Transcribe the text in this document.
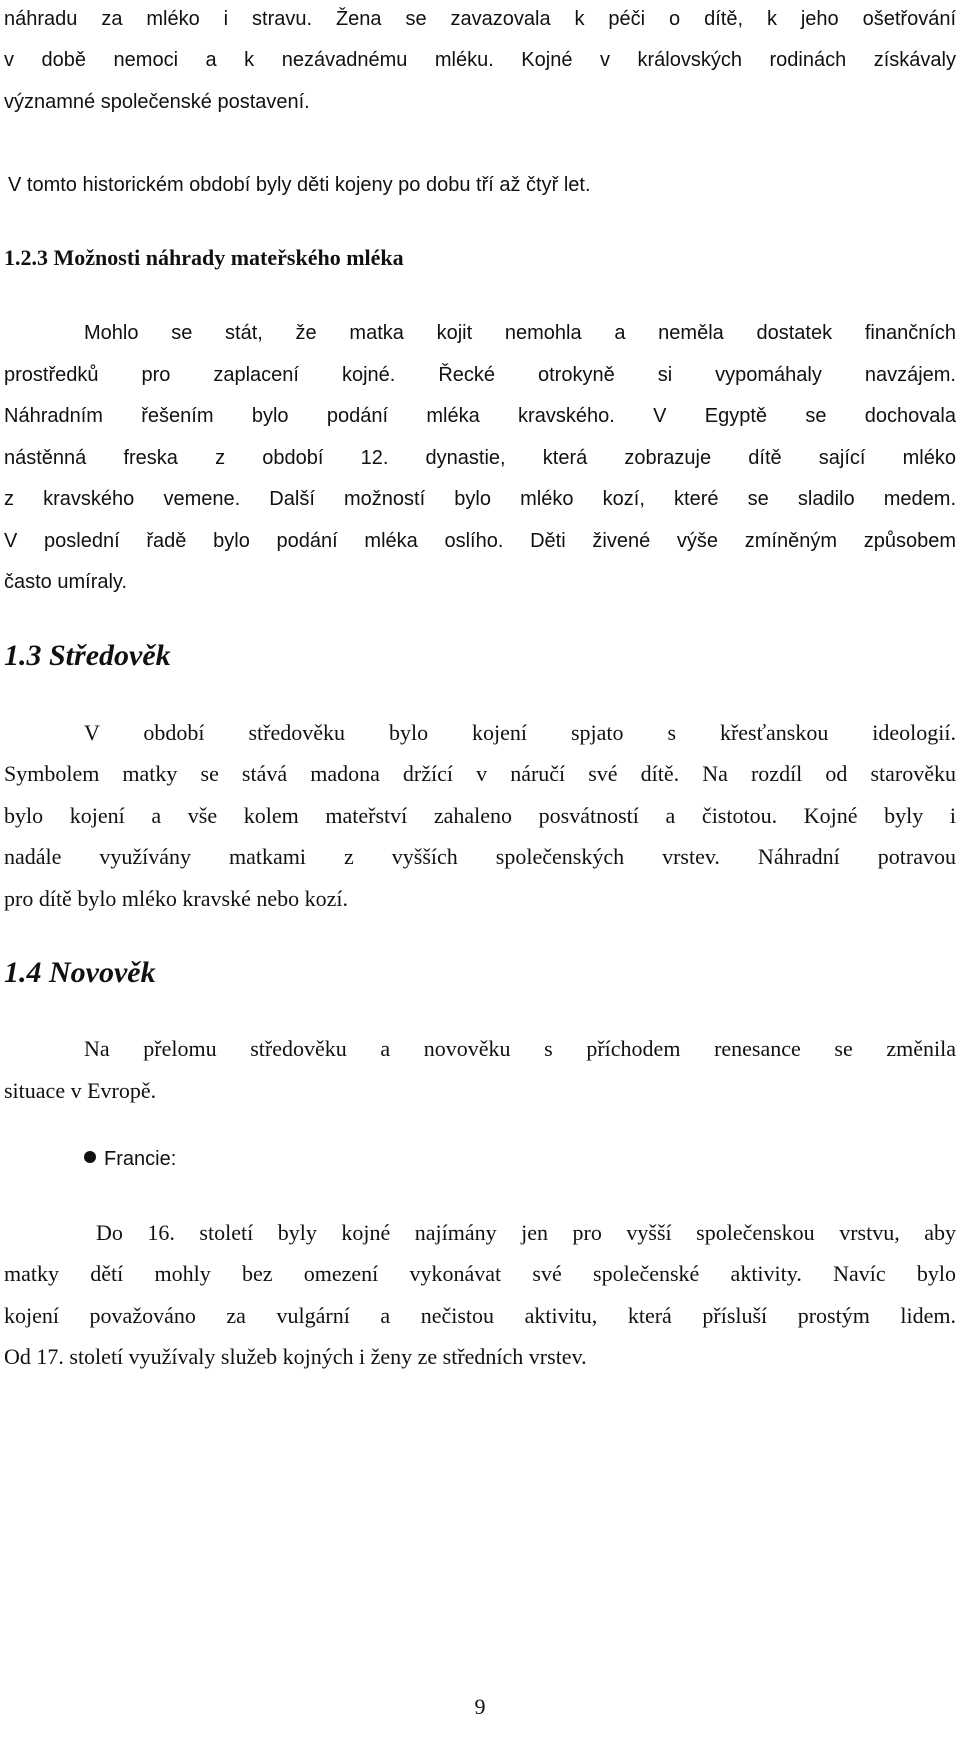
náhradu za mléko i stravu. Žena se zavazovala k péči o dítě, k jeho ošetřování
v době nemoci a k nezávadnému mléku. Kojné v královských rodinách získávaly
významné společenské postavení.
V tomto historickém období byly děti kojeny po dobu tří až čtyř let.
1.2.3 Možnosti náhrady mateřského mléka
Mohlo se stát, že matka kojit nemohla a neměla dostatek finančních
prostředků pro zaplacení kojné. Řecké otrokyně si vypomáhaly navzájem.
Náhradním řešením bylo podání mléka kravského. V Egyptě se dochovala
nástěnná freska z období 12. dynastie, která zobrazuje dítě sající mléko
z kravského vemene. Další možností bylo mléko kozí, které se sladilo medem.
V poslední řadě bylo podání mléka oslího. Děti živené výše zmíněným způsobem
často umíraly.
1.3 Středověk
V období středověku bylo kojení spjato s křesťanskou ideologií.
Symbolem matky se stává madona držící v náručí své dítě. Na rozdíl od starověku
bylo kojení a vše kolem mateřství zahaleno posvátností a čistotou. Kojné byly i
nadále využívány matkami z vyšších společenských vrstev. Náhradní potravou
pro dítě bylo mléko kravské nebo kozí.
1.4 Novověk
Na přelomu středověku a novověku s příchodem renesance se změnila
situace v Evropě.
Francie:
Do 16. století byly kojné najímány jen pro vyšší společenskou vrstvu, aby
matky dětí mohly bez omezení vykonávat své společenské aktivity. Navíc bylo
kojení považováno za vulgární a nečistou aktivitu, která přísluší prostým lidem.
Od 17. století využívaly služeb kojných i ženy ze středních vrstev.
9
